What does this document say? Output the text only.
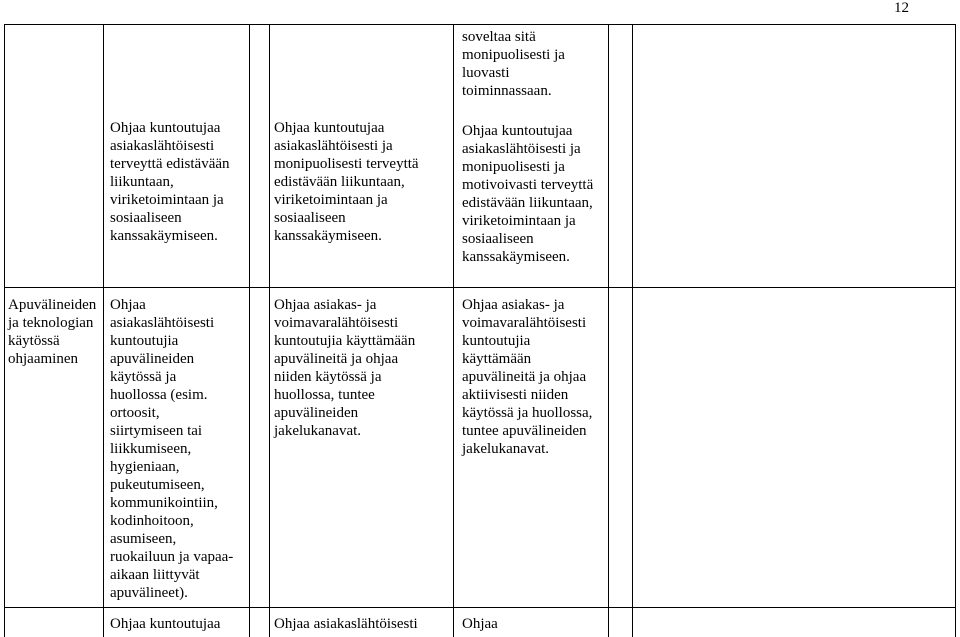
12
Ohjaa kuntoutujaa
asiakaslähtöisesti
terveyttä edistävään
liikuntaan,
viriketoimintaan ja
sosiaaliseen
kanssakäymiseen.
Ohjaa kuntoutujaa
asiakaslähtöisesti ja
monipuolisesti terveyttä
edistävään liikuntaan,
viriketoimintaan ja
sosiaaliseen
kanssakäymiseen.
soveltaa sitä
monipuolisesti ja
luovasti
toiminnassaan.
Ohjaa kuntoutujaa
asiakaslähtöisesti ja
monipuolisesti ja
motivoivasti terveyttä
edistävään liikuntaan,
viriketoimintaan ja
sosiaaliseen
kanssakäymiseen.
Apuvälineiden
ja teknologian
käytössä
ohjaaminen
Ohjaa
asiakaslähtöisesti
kuntoutujia
apuvälineiden
käytössä ja
huollossa (esim.
ortoosit,
siirtymiseen tai
liikkumiseen,
hygieniaan,
pukeutumiseen,
kommunikointiin,
kodinhoitoon,
asumiseen,
ruokailuun ja vapaa-
aikaan liittyvät
apuvälineet).
Ohjaa asiakas- ja
voimavaralähtöisesti
kuntoutujia käyttämään
apuvälineitä ja ohjaa
niiden käytössä ja
huollossa, tuntee
apuvälineiden
jakelukanavat.
Ohjaa asiakas- ja
voimavaralähtöisesti
kuntoutujia
käyttämään
apuvälineitä ja ohjaa
aktiivisesti niiden
käytössä ja huollossa,
tuntee apuvälineiden
jakelukanavat.
Ohjaa kuntoutujaa	Ohjaa asiakaslähtöisesti	Ohjaa
